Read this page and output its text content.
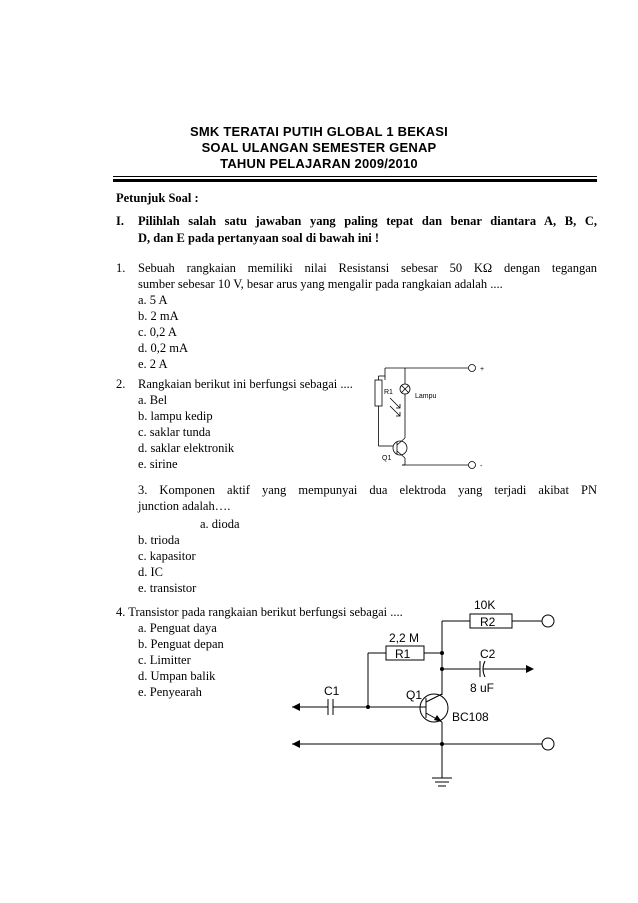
SMK TERATAI PUTIH GLOBAL 1 BEKASI
SOAL ULANGAN SEMESTER GENAP
TAHUN PELAJARAN 2009/2010
Petunjuk Soal :
I. Pilihlah salah satu jawaban yang paling tepat dan benar diantara A, B, C,
D, dan E pada pertanyaan soal di bawah ini !
1. Sebuah rangkaian memiliki nilai Resistansi sebesar 50 KΩ dengan tegangan
sumber sebesar 10 V, besar arus yang mengalir pada rangkaian adalah ....
a. 5 A
b. 2 mA
c. 0,2 A
d. 0,2 mA
e. 2 A
2. Rangkaian berikut ini berfungsi sebagai ....
a. Bel
b. lampu kedip
c. saklar tunda
d. saklar elektronik
e. sirine
R1
Lampu
Q1
+
-
3. Komponen aktif yang mempunyai dua elektroda yang terjadi akibat PN
junction adalah….
a. dioda
b. trioda
c. kapasitor
d. IC
e. transistor
4. Transistor pada rangkaian berikut berfungsi sebagai ....
a. Penguat daya
b. Penguat depan
c. Limitter
d. Umpan balik
e. Penyearah
10K
R2
2,2 M
R1	C2
8 uF
C1	Q1
BC108
